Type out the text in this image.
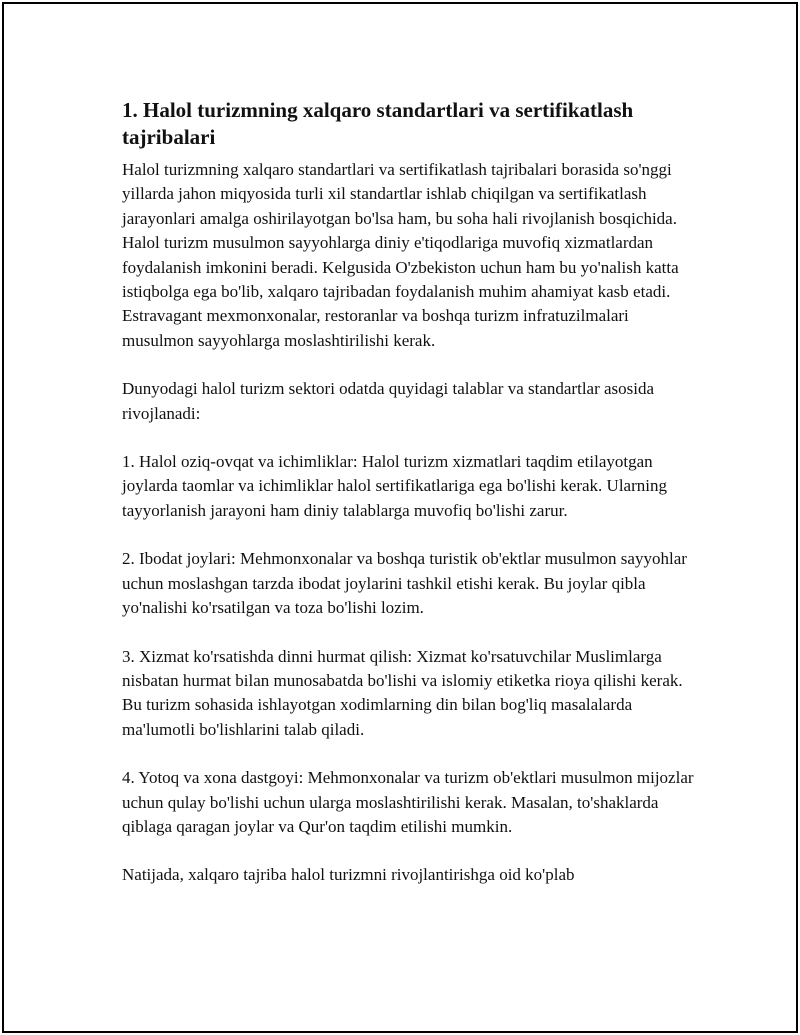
1. Halol turizmning xalqaro standartlari va sertifikatlash tajribalari

Halol turizmning xalqaro standartlari va sertifikatlash tajribalari borasida so'nggi yillarda jahon miqyosida turli xil standartlar ishlab chiqilgan va sertifikatlash jarayonlari amalga oshirilayotgan bo'lsa ham, bu soha hali rivojlanish bosqichida. Halol turizm musulmon sayyohlarga diniy e'tiqodlariga muvofiq xizmatlardan foydalanish imkonini beradi. Kelgusida O'zbekiston uchun ham bu yo'nalish katta istiqbolga ega bo'lib, xalqaro tajribadan foydalanish muhim ahamiyat kasb etadi. Estravagant mexmonxonalar, restoranlar va boshqa turizm infratuzilmalari musulmon sayyohlarga moslashtirilishi kerak.

Dunyodagi halol turizm sektori odatda quyidagi talablar va standartlar asosida rivojlanadi:

1. Halol oziq-ovqat va ichimliklar: Halol turizm xizmatlari taqdim etilayotgan joylarda taomlar va ichimliklar halol sertifikatlariga ega bo'lishi kerak. Ularning tayyorlanish jarayoni ham diniy talablarga muvofiq bo'lishi zarur.

2. Ibodat joylari: Mehmonxonalar va boshqa turistik ob'ektlar musulmon sayyohlar uchun moslashgan tarzda ibodat joylarini tashkil etishi kerak. Bu joylar qibla yo'nalishi ko'rsatilgan va toza bo'lishi lozim.

3. Xizmat ko'rsatishda dinni hurmat qilish: Xizmat ko'rsatuvchilar Muslimlarga nisbatan hurmat bilan munosabatda bo'lishi va islomiy etiketka rioya qilishi kerak. Bu turizm sohasida ishlayotgan xodimlarning din bilan bog'liq masalalarda ma'lumotli bo'lishlarini talab qiladi.

4. Yotoq va xona dastgoyi: Mehmonxonalar va turizm ob'ektlari musulmon mijozlar uchun qulay bo'lishi uchun ularga moslashtirilishi kerak. Masalan, to'shaklarda qiblaga qaragan joylar va Qur'on taqdim etilishi mumkin.

Natijada, xalqaro tajriba halol turizmni rivojlantirishga oid ko'plab
